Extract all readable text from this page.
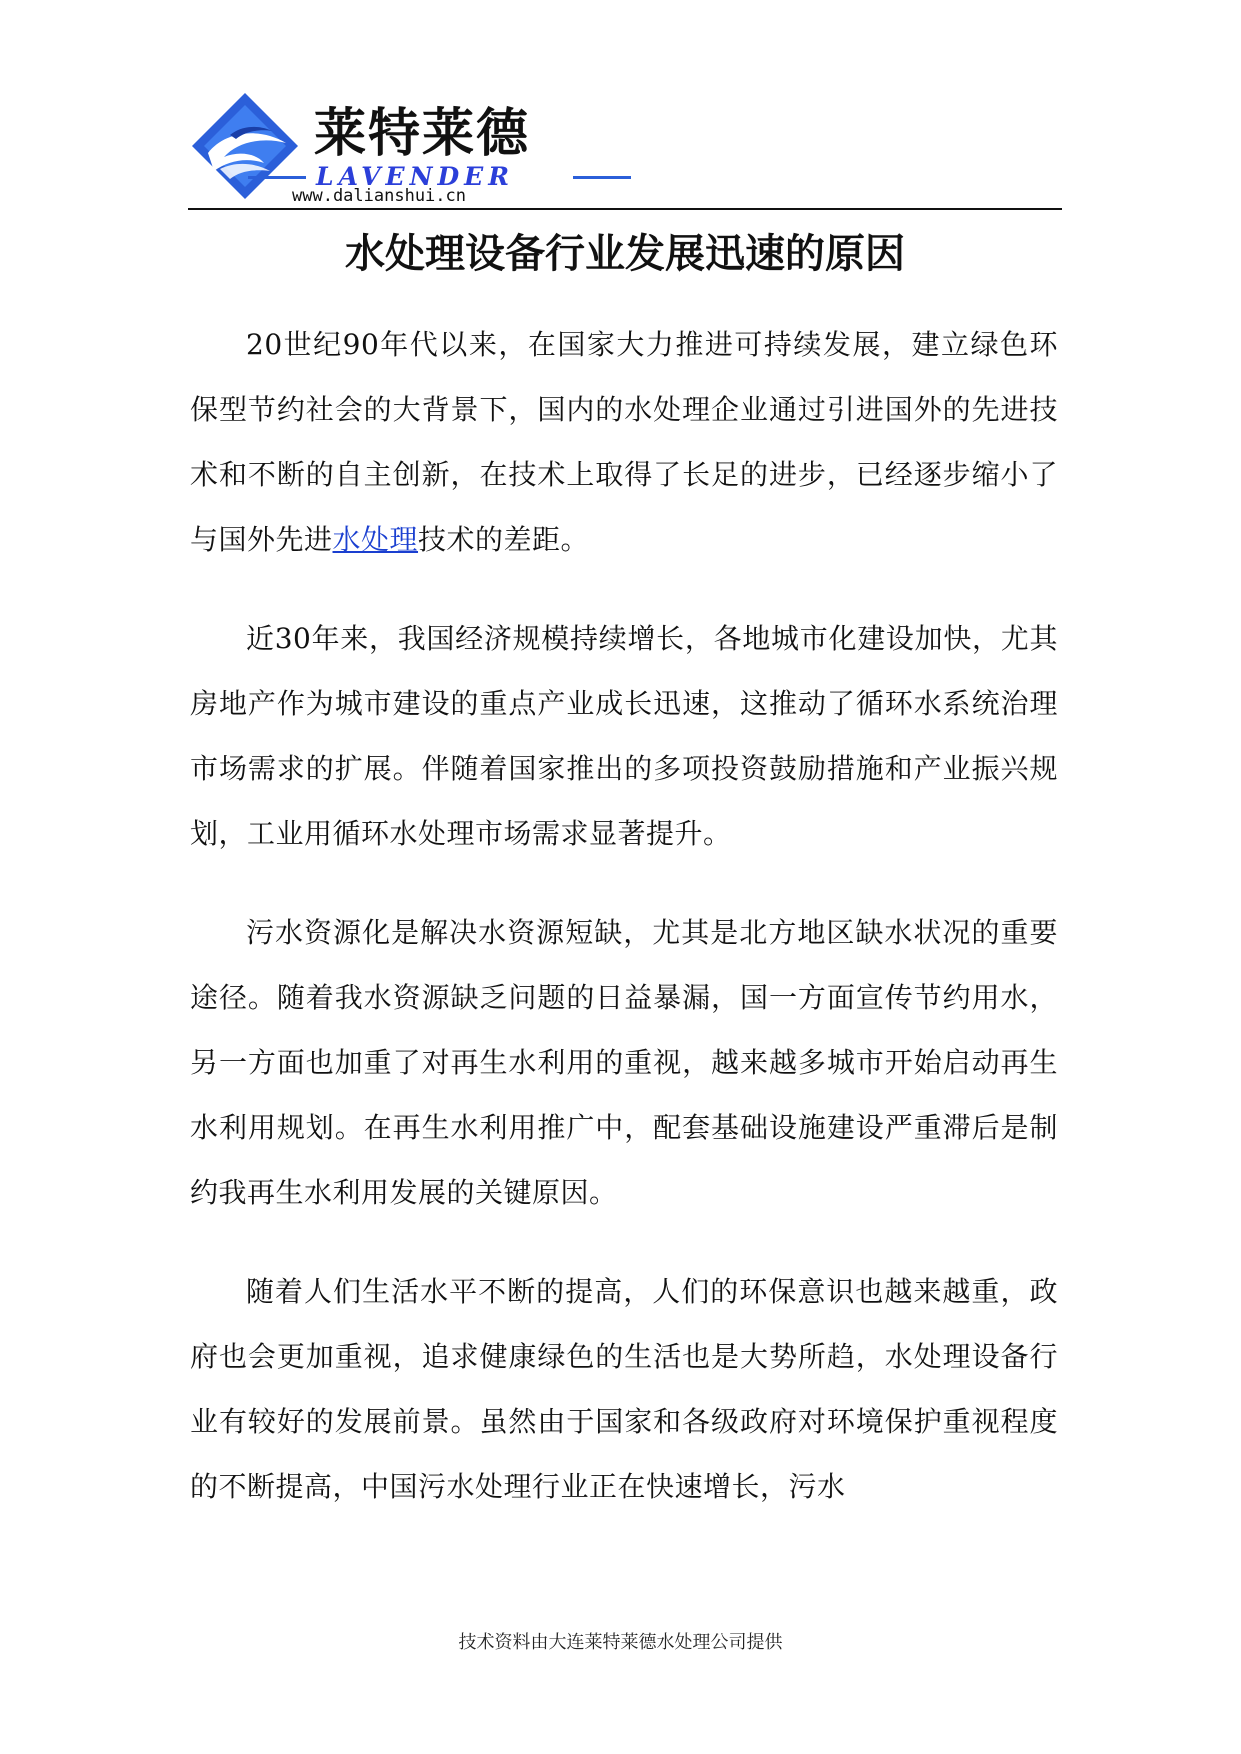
莱特莱德
LAVENDER
www.dalianshui.cn
水处理设备行业发展迅速的原因

20世纪90年代以来，在国家大力推进可持续发展，建立绿色环保型节约社会的大背景下，国内的水处理企业通过引进国外的先进技术和不断的自主创新，在技术上取得了长足的进步，已经逐步缩小了与国外先进水处理技术的差距。

近30年来，我国经济规模持续增长，各地城市化建设加快，尤其房地产作为城市建设的重点产业成长迅速，这推动了循环水系统治理市场需求的扩展。伴随着国家推出的多项投资鼓励措施和产业振兴规划，工业用循环水处理市场需求显著提升。

污水资源化是解决水资源短缺，尤其是北方地区缺水状况的重要途径。随着我水资源缺乏问题的日益暴漏，国一方面宣传节约用水，另一方面也加重了对再生水利用的重视，越来越多城市开始启动再生水利用规划。在再生水利用推广中，配套基础设施建设严重滞后是制约我再生水利用发展的关键原因。

随着人们生活水平不断的提高，人们的环保意识也越来越重，政府也会更加重视，追求健康绿色的生活也是大势所趋，水处理设备行业有较好的发展前景。虽然由于国家和各级政府对环境保护重视程度的不断提高，中国污水处理行业正在快速增长，污水

技术资料由大连莱特莱德水处理公司提供
